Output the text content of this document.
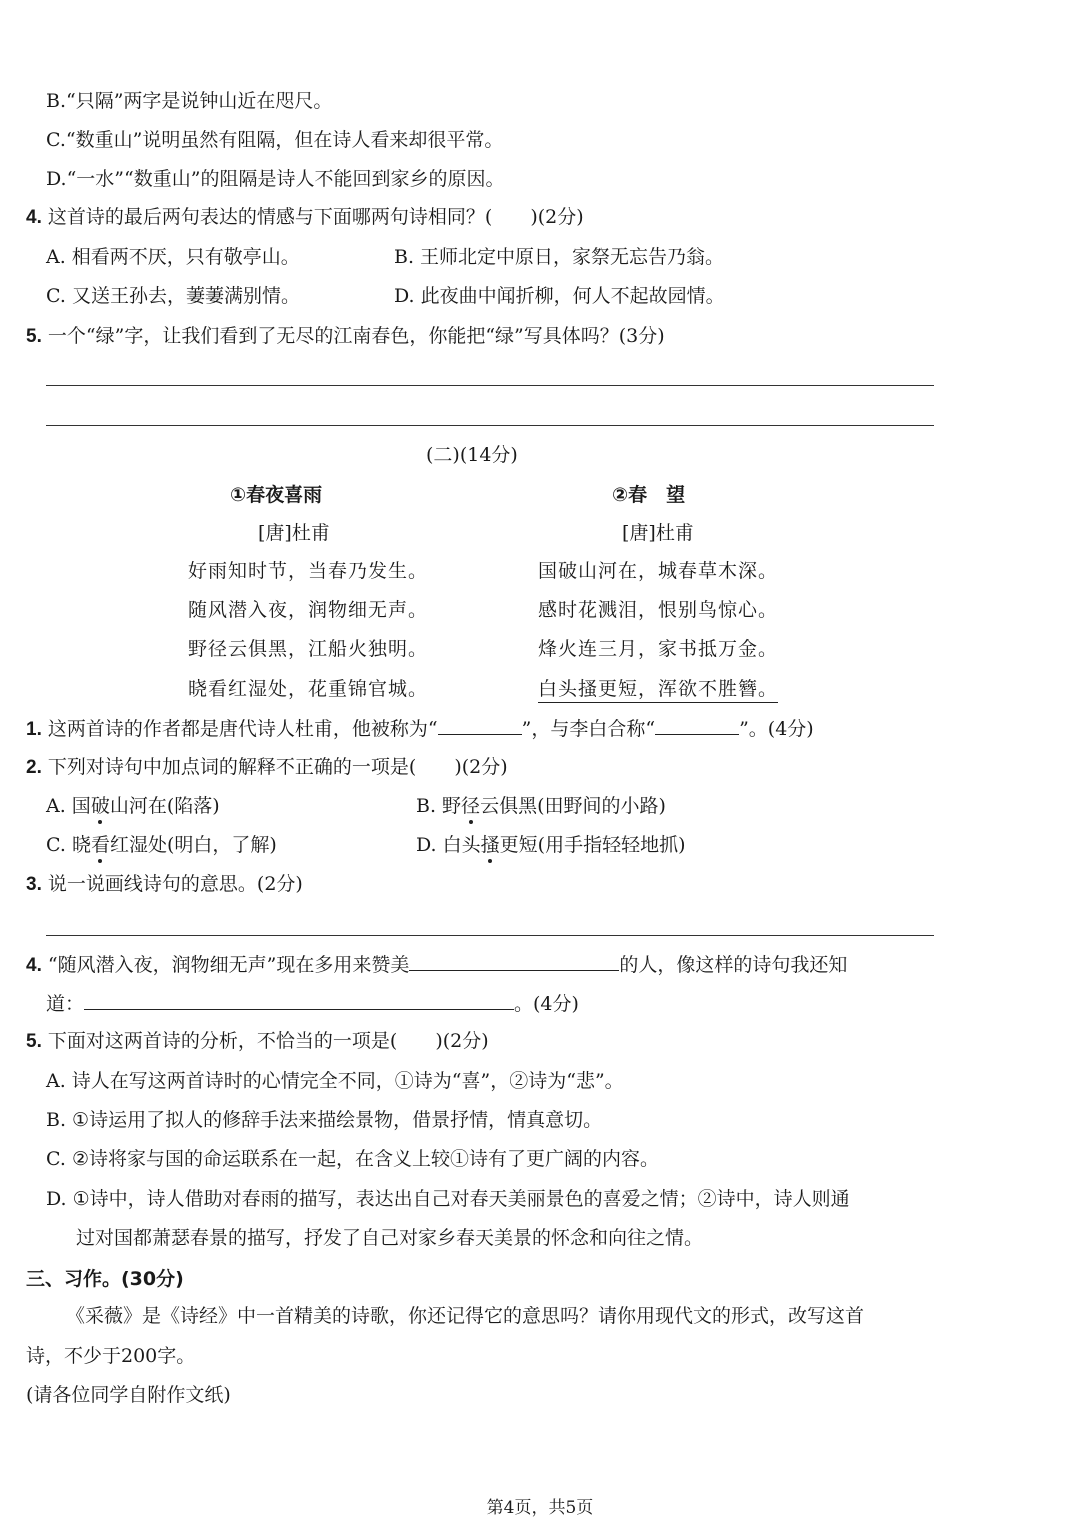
B.“只隔”两字是说钟山近在咫尺。
C.“数重山”说明虽然有阻隔，但在诗人看来却很平常。
D.“一水”“数重山”的阻隔是诗人不能回到家乡的原因。
4. 这首诗的最后两句表达的情感与下面哪两句诗相同？(　　)(2分)
A. 相看两不厌，只有敬亭山。	B. 王师北定中原日，家祭无忘告乃翁。
C. 又送王孙去，萋萋满别情。	D. 此夜曲中闻折柳，何人不起故园情。
5. 一个“绿”字，让我们看到了无尽的江南春色，你能把“绿”写具体吗？(3分)
(二)(14分)
①春夜喜雨
[唐]杜甫
好雨知时节，当春乃发生。
随风潜入夜，润物细无声。
野径云俱黑，江船火独明。
晓看红湿处，花重锦官城。
②春　望
[唐]杜甫
国破山河在，城春草木深。
感时花溅泪，恨别鸟惊心。
烽火连三月，家书抵万金。
白头搔更短，浑欲不胜簪。
1. 这两首诗的作者都是唐代诗人杜甫，他被称为“	”，与李白合称“	”。(4分)
2. 下列对诗句中加点词的解释不正确的一项是(　　)(2分)
A. 国破山河在(陷落)	B. 野径云俱黑(田野间的小路)
C. 晓看红湿处(明白，了解)	D. 白头搔更短(用手指轻轻地抓)
3. 说一说画线诗句的意思。(2分)
4. “随风潜入夜，润物细无声”现在多用来赞美	的人，像这样的诗句我还知
道：	。(4分)
5. 下面对这两首诗的分析，不恰当的一项是(　　)(2分)
A. 诗人在写这两首诗时的心情完全不同，①诗为“喜”，②诗为“悲”。
B. ①诗运用了拟人的修辞手法来描绘景物，借景抒情，情真意切。
C. ②诗将家与国的命运联系在一起，在含义上较①诗有了更广阔的内容。
D. ①诗中，诗人借助对春雨的描写，表达出自己对春天美丽景色的喜爱之情；②诗中，诗人则通
过对国都萧瑟春景的描写，抒发了自己对家乡春天美景的怀念和向往之情。
三、习作。(30分)
《采薇》是《诗经》中一首精美的诗歌，你还记得它的意思吗？请你用现代文的形式，改写这首
诗，不少于200字。
(请各位同学自附作文纸)
第4页，共5页
